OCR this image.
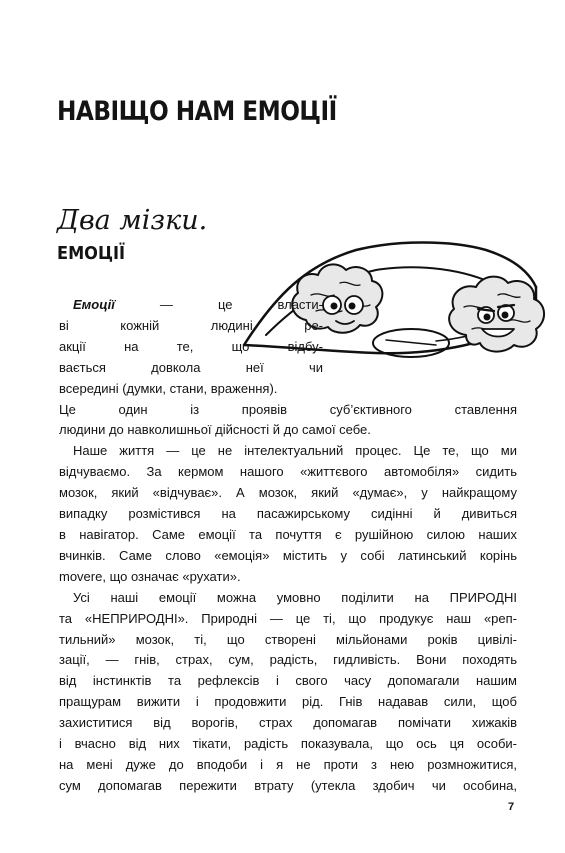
НАВІЩО НАМ ЕМОЦІЇ
Два мізки.
ЕМОЦІЇ

Емоції	— це власти-
ві кожній людині ре-
акції на те, що відбу-
вається довкола неї чи
всередині (думки, стани, враження).
Це один із проявів суб’єктивного ставлення
людини до навколишньої дійсності й до самої себе.

Наше життя — це не інтелектуальний процес. Це те, що ми
відчуваємо. За кермом нашого «життєвого автомобіля» сидить
мозок, який «відчуває». А мозок, який «думає», у найкращому
випадку розмістився на пасажирському сидінні й дивиться
в навігатор. Саме емоції та почуття є рушійною силою наших
вчинків. Саме слово «емоція» містить у собі латинський корінь
movere, що означає «рухати».

Усі наші емоції можна умовно поділити на ПРИРОДНІ
та «НЕПРИРОДНІ». Природні — це ті, що продукує наш «реп-
тильний» мозок, ті, що створені мільйонами років цивілі-
зації, — гнів, страх, сум, радість, гидливість. Вони походять
від інстинктів та рефлексів і свого часу допомагали нашим
пращурам вижити і продовжити рід. Гнів надавав сили, щоб
захиститися від ворогів, страх допомагав помічати хижаків
і вчасно від них тікати, радість показувала, що ось ця особи-
на мені дуже до вподоби і я не проти з нею розмножитися,
сум допомагав пережити втрату (утекла здобич чи особина,

7
